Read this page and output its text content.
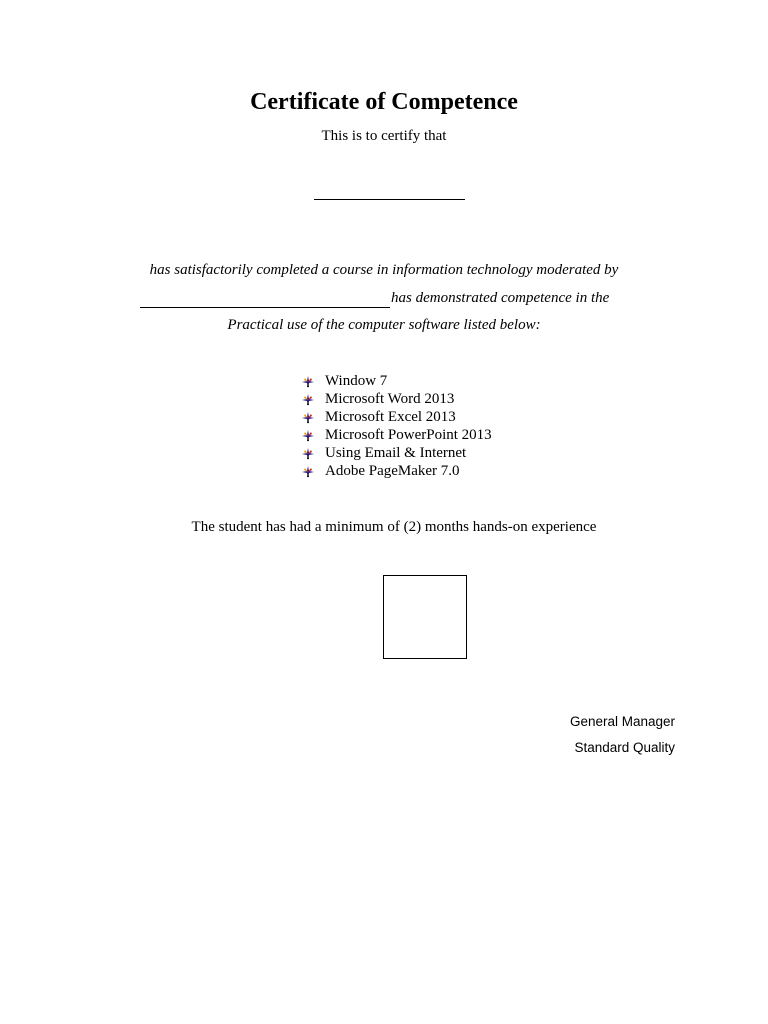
Certificate of Competence
This is to certify that
has satisfactorily completed a course in information technology moderated by
has demonstrated competence in the
Practical use of the computer software listed below:
Window 7
Microsoft Word 2013
Microsoft Excel 2013
Microsoft PowerPoint 2013
Using Email & Internet
Adobe PageMaker 7.0
The student has had a minimum of (2) months hands-on experience
General Manager
Standard Quality
